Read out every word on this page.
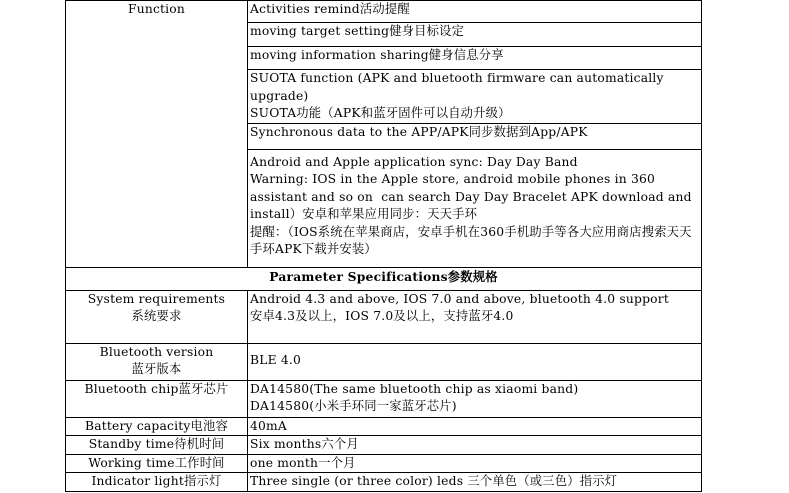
Function	Activities remind活动提醒

	moving target setting健身目标设定

	moving information sharing健身信息分享

	SUOTA function (APK and bluetooth firmware can automatically upgrade)
SUOTA功能（APK和蓝牙固件可以自动升级）

	Synchronous data to the APP/APK同步数据到App/APK

	Android and Apple application sync: Day Day Band
Warning: IOS in the Apple store, android mobile phones in 360 assistant and so on  can search Day Day Bracelet APK download and install）安卓和苹果应用同步：天天手环
提醒：（IOS系统在苹果商店，安卓手机在360手机助手等各大应用商店搜索天天手环APK下载并安装）

Parameter Specifications参数规格	

System requirements
系统要求	Android 4.3 and above, IOS 7.0 and above, bluetooth 4.0 support
安卓4.3及以上，IOS 7.0及以上，支持蓝牙4.0

Bluetooth version
蓝牙版本	BLE 4.0

Bluetooth chip蓝牙芯片	DA14580(The same bluetooth chip as xiaomi band)
DA14580(小米手环同一家蓝牙芯片)

Battery capacity电池容	40mA

Standby time待机时间	Six months六个月

Working time工作时间	one month一个月

Indicator light指示灯	Three single (or three color) leds 三个单色（或三色）指示灯
